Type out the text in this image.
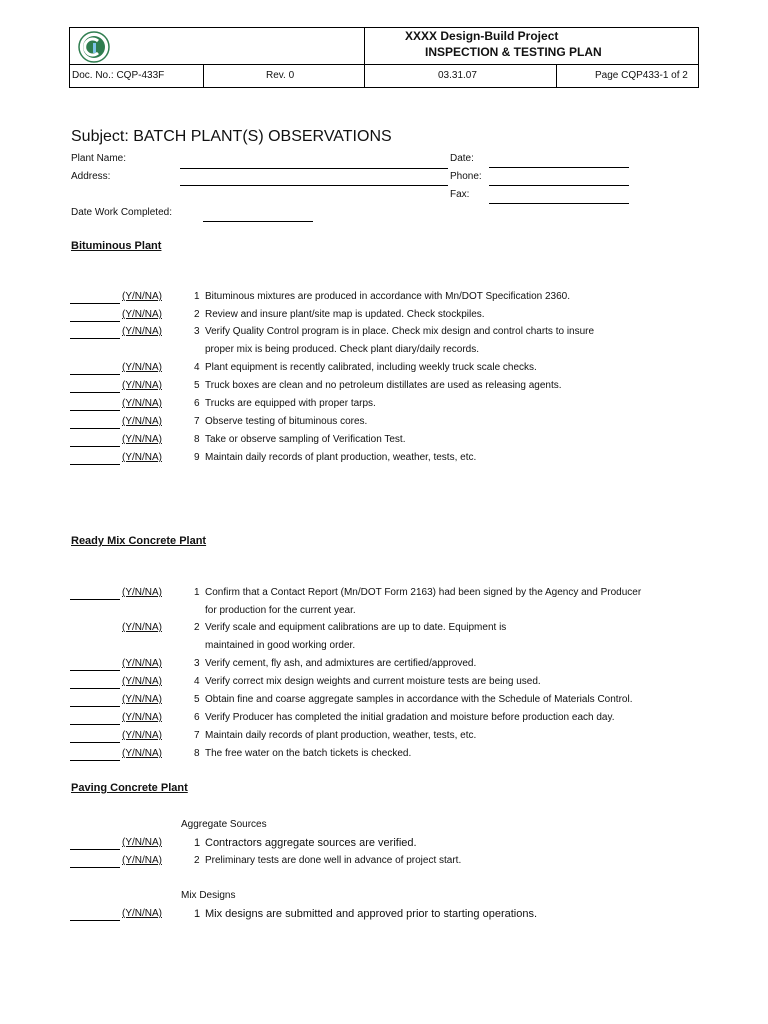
XXXX Design-Build Project
INSPECTION & TESTING PLAN
Doc. No.: CQP-433F	Rev. 0	03.31.07	Page CQP433-1 of 2
Subject: BATCH PLANT(S) OBSERVATIONS
Plant Name:
Address:
Date:
Phone:
Fax:
Date Work Completed:
Bituminous Plant
Ready Mix Concrete Plant
Paving Concrete Plant
Aggregate Sources
Mix Designs
(Y/N/NA)	1 Bituminous mixtures are produced in accordance with Mn/DOT Specification 2360.
(Y/N/NA)	2 Review and insure plant/site map is updated. Check stockpiles.
(Y/N/NA)	3 Verify Quality Control program is in place. Check mix design and control charts to insure
proper mix is being produced. Check plant diary/daily records.
(Y/N/NA)	4 Plant equipment is recently calibrated, including weekly truck scale checks.
(Y/N/NA)	5 Truck boxes are clean and no petroleum distillates are used as releasing agents.
(Y/N/NA)	6 Trucks are equipped with proper tarps.
(Y/N/NA)	7 Observe testing of bituminous cores.
(Y/N/NA)	8 Take or observe sampling of Verification Test.
(Y/N/NA)	9 Maintain daily records of plant production, weather, tests, etc.
(Y/N/NA)	1 Confirm that a Contact Report (Mn/DOT Form 2163) had been signed by the Agency and Producer
for production for the current year.
(Y/N/NA)	2 Verify scale and equipment calibrations are up to date. Equipment is
maintained in good working order.
(Y/N/NA)	3 Verify cement, fly ash, and admixtures are certified/approved.
(Y/N/NA)	4 Verify correct mix design weights and current moisture tests are being used.
(Y/N/NA)	5 Obtain fine and coarse aggregate samples in accordance with the Schedule of Materials Control.
(Y/N/NA)	6 Verify Producer has completed the initial gradation and moisture before production each day.
(Y/N/NA)	7 Maintain daily records of plant production, weather, tests, etc.
(Y/N/NA)	8 The free water on the batch tickets is checked.
(Y/N/NA)	1 Contractors aggregate sources are verified.
(Y/N/NA)	2 Preliminary tests are done well in advance of project start.
(Y/N/NA)	1 Mix designs are submitted and approved prior to starting operations.
